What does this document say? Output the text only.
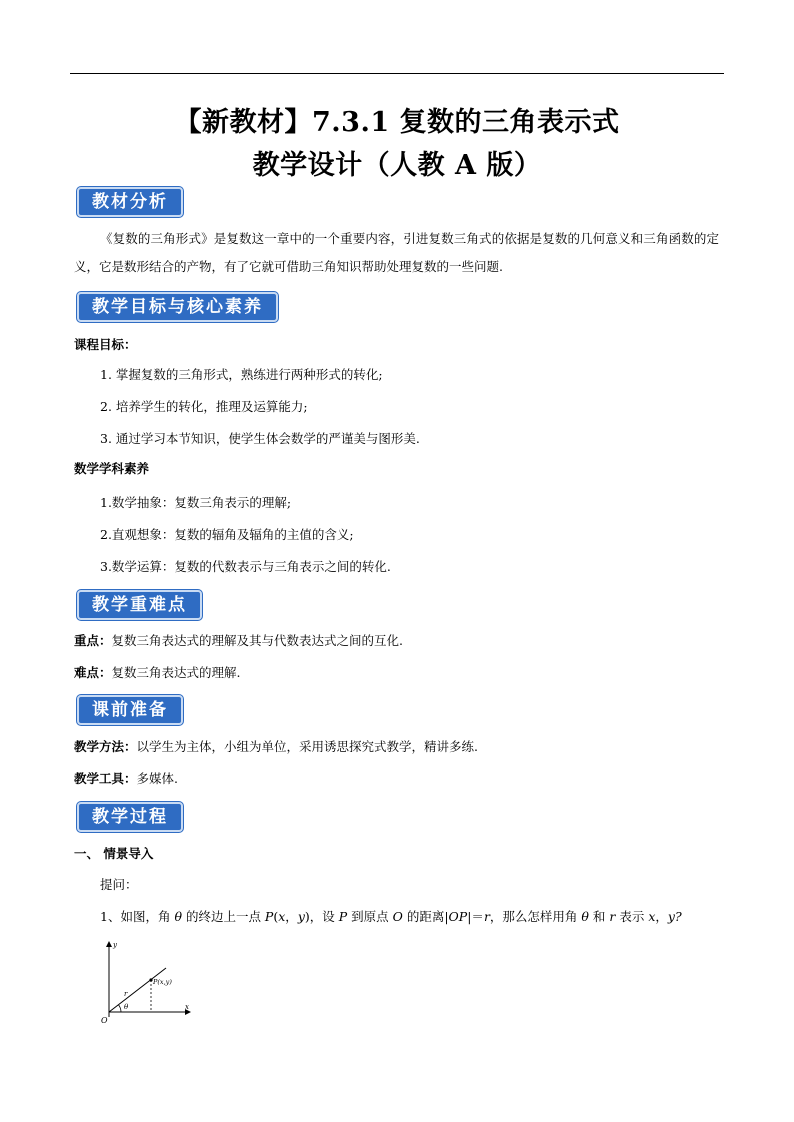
【新教材】7.3.1 复数的三角表示式
教学设计（人教 A 版）
教材分析
《复数的三角形式》是复数这一章中的一个重要内容，引进复数三角式的依据是复数的几何意义和三角函数的定义，它是数形结合的产物，有了它就可借助三角知识帮助处理复数的一些问题.
教学目标与核心素养
课程目标：
1. 掌握复数的三角形式，熟练进行两种形式的转化;
2. 培养学生的转化，推理及运算能力;
3. 通过学习本节知识，使学生体会数学的严谨美与图形美.
数学学科素养
1.数学抽象：复数三角表示的理解;
2.直观想象：复数的辐角及辐角的主值的含义;
3.数学运算：复数的代数表示与三角表示之间的转化.
教学重难点
重点：复数三角表达式的理解及其与代数表达式之间的互化.
难点：复数三角表达式的理解.
课前准备
教学方法：以学生为主体，小组为单位，采用诱思探究式教学，精讲多练.
教学工具：多媒体.
教学过程
一、 情景导入
提问：
1、如图，角 θ 的终边上一点 P(x，y)，设 P 到原点 O 的距离|OP|＝r，那么怎样用角 θ 和 r 表示 x，y?
y
x
O
P(x,y)
r
θ
